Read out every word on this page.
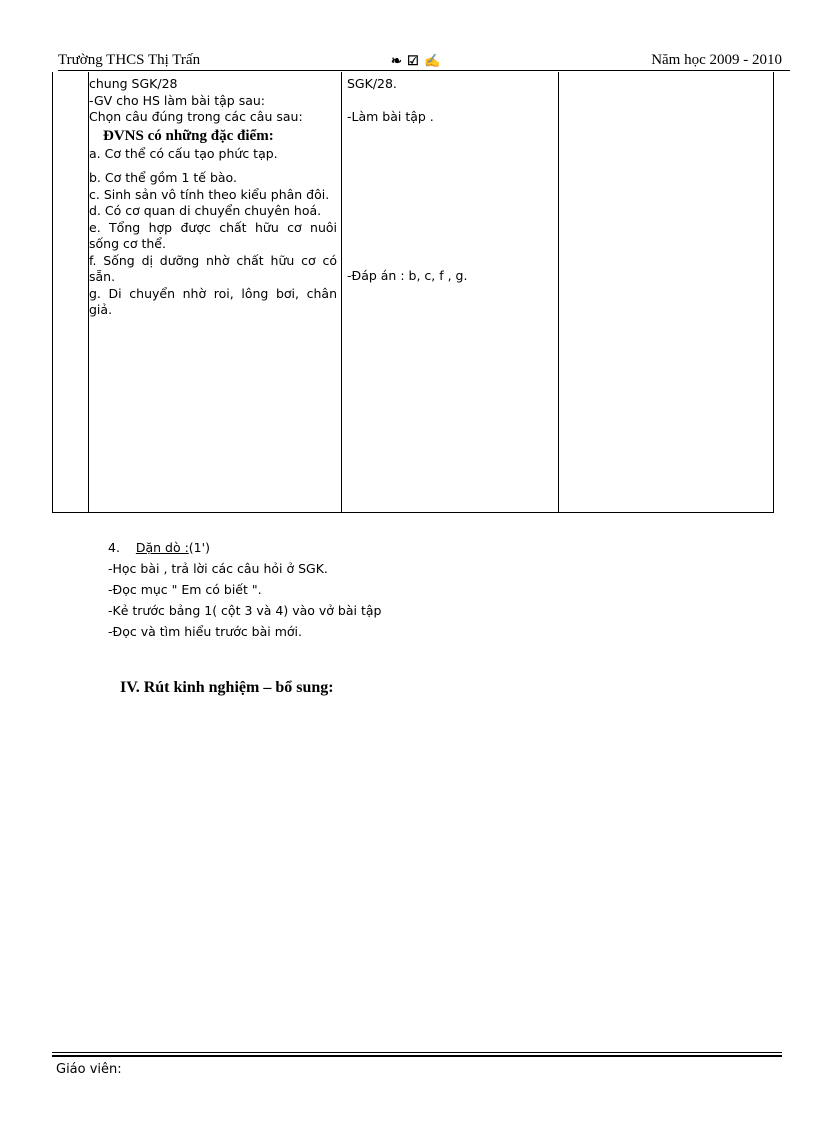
Trường THCS Thị Trấn	❧ ☑ ✍	Năm học 2009 - 2010

chung SGK/28

-GV cho HS làm bài tập sau:

Chọn câu đúng trong các câu sau:

ĐVNS có những đặc điểm:

a. Cơ thể có cấu tạo phức tạp.

b. Cơ thể gồm 1 tế bào.

c. Sinh sản vô tính theo kiểu phân đôi.

d. Có cơ quan di chuyển chuyên hoá.

e. Tổng hợp được chất hữu cơ nuôi sống cơ thể.

f. Sống dị dưỡng nhờ chất hữu cơ có sẵn.

g. Di chuyển nhờ roi, lông bơi, chân giả.

SGK/28.

-Làm bài tập .

-Đáp án : b, c, f , g.

4. Dặn dò :(1')
-Học bài , trả lời các câu hỏi ở SGK.
-Đọc mục " Em có biết ".
-Kẻ trước bảng 1( cột 3 và 4) vào vở bài tập
-Đọc và tìm hiểu trước bài mới.
IV. Rút kinh nghiệm – bổ sung:
Giáo viên:
